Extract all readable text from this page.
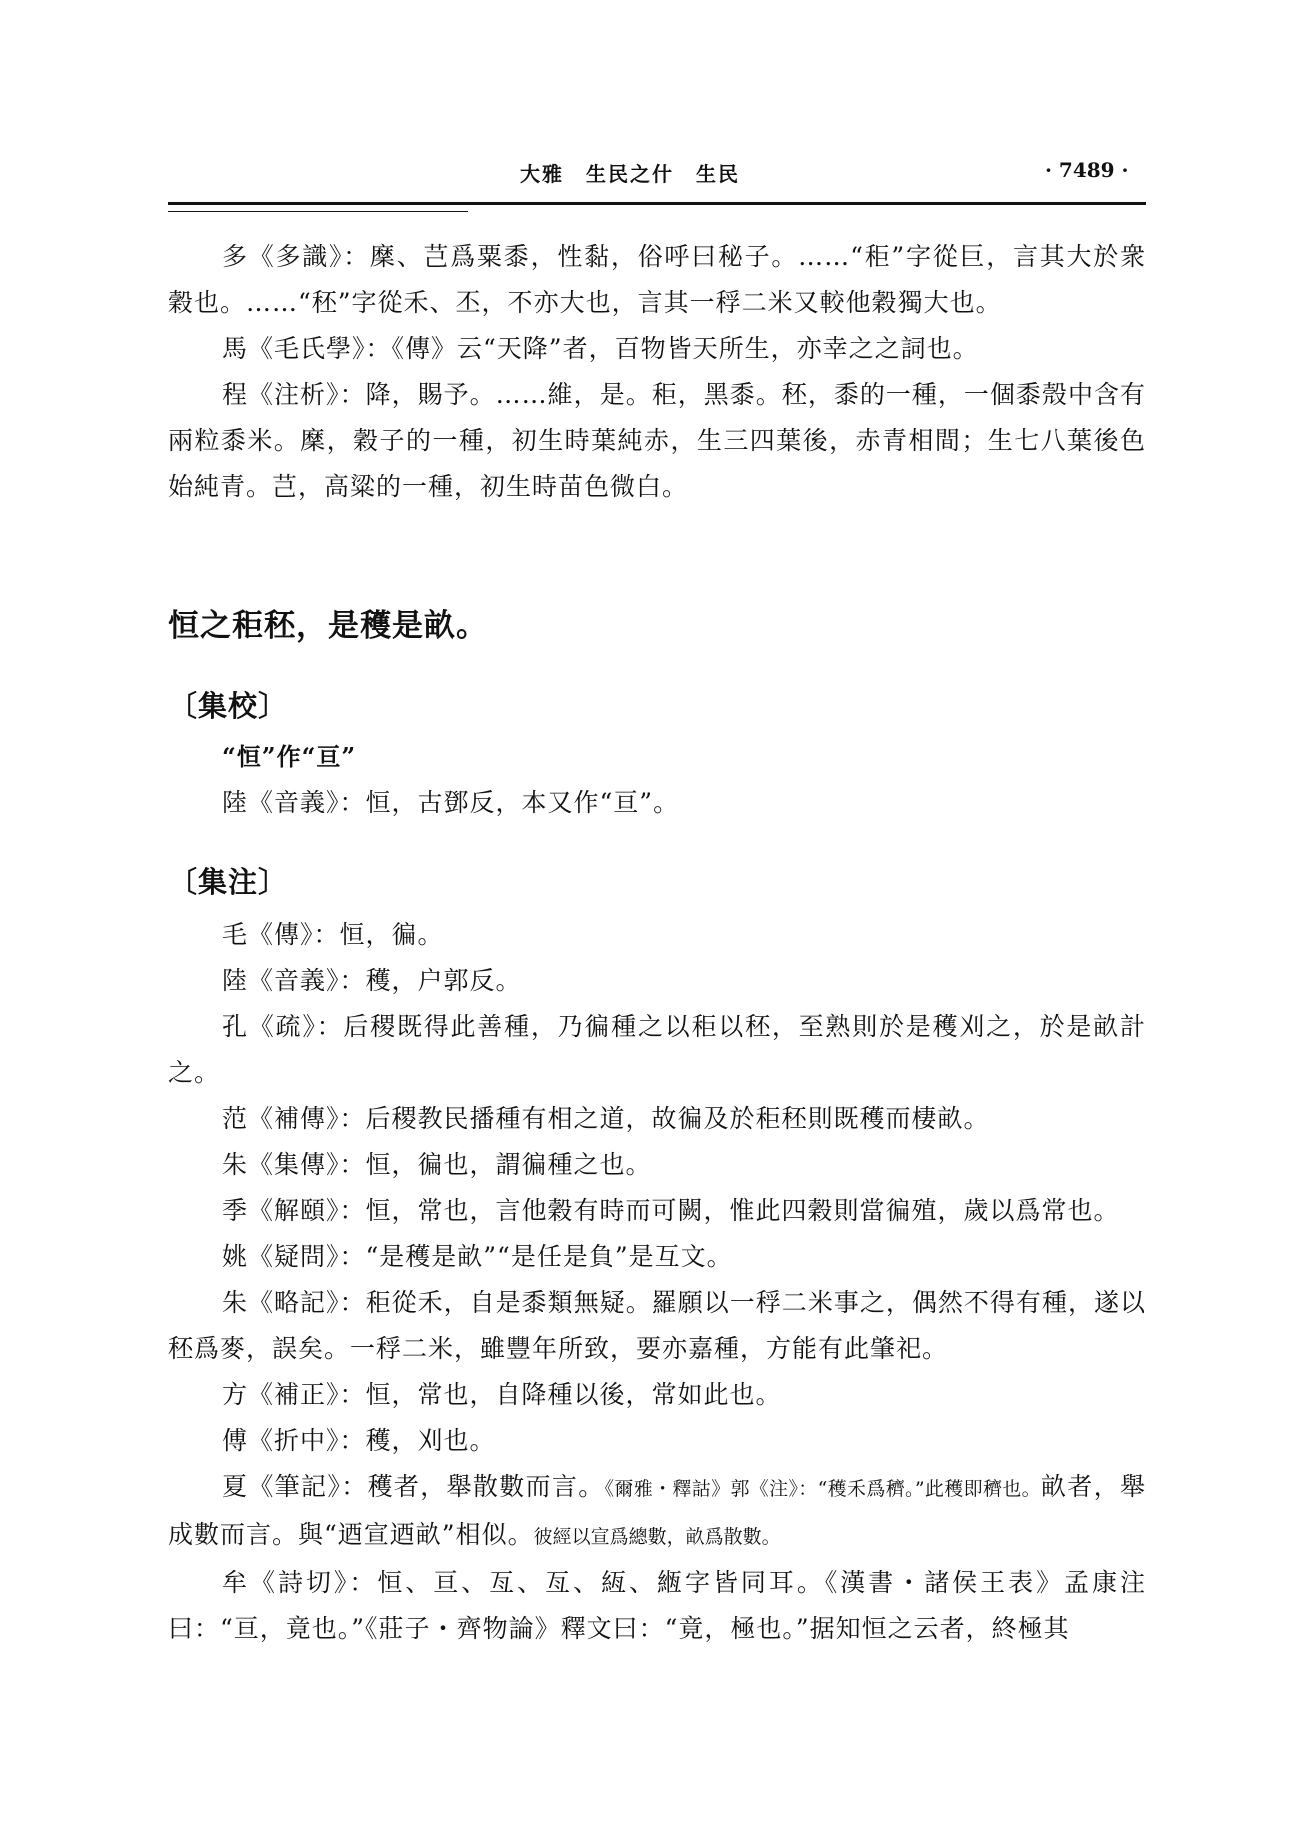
大雅　生民之什　生民	· 7489 ·

多《多識》：穈、芑爲粟黍，性黏，俗呼曰秘子。……“秬”字從巨，言其大於衆穀也。……“秠”字從禾、丕，不亦大也，言其一稃二米又較他穀獨大也。

馬《毛氏學》：《傳》云“天降”者，百物皆天所生，亦幸之之詞也。

程《注析》：降，賜予。……維，是。秬，黑黍。秠，黍的一種，一個黍殼中含有兩粒黍米。穈，穀子的一種，初生時葉純赤，生三四葉後，赤青相間；生七八葉後色始純青。芑，高粱的一種，初生時苗色微白。

恒之秬秠，是穫是畝。

〔集校〕

“恒”作“亘”

陸《音義》：恒，古鄧反，本又作“亘”。

〔集注〕

毛《傳》：恒，徧。

陸《音義》：穫，户郭反。

孔《疏》：后稷既得此善種，乃徧種之以秬以秠，至熟則於是穫刈之，於是畝計之。

范《補傳》：后稷教民播種有相之道，故徧及於秬秠則既穫而棲畝。

朱《集傳》：恒，徧也，謂徧種之也。

季《解頤》：恒，常也，言他穀有時而可闕，惟此四穀則當徧殖，歲以爲常也。

姚《疑問》：“是穫是畝”“是任是負”是互文。

朱《略記》：秬從禾，自是黍類無疑。羅願以一稃二米事之，偶然不得有種，遂以秠爲麥，誤矣。一稃二米，雖豐年所致，要亦嘉種，方能有此肇祀。

方《補正》：恒，常也，自降種以後，常如此也。

傅《折中》：穫，刈也。

夏《筆記》：穫者，舉散數而言。《爾雅・釋詁》郭《注》：“穫禾爲穧。”此穫即穧也。畝者，舉成數而言。與“迺宣迺畝”相似。彼經以宣爲總數，畝爲散數。

牟《詩切》：恒、亘、亙、亙、絚、緪字皆同耳。《漢書・諸侯王表》孟康注曰：“亘，竟也。”《莊子・齊物論》釋文曰：“竟，極也。”据知恒之云者，終極其
